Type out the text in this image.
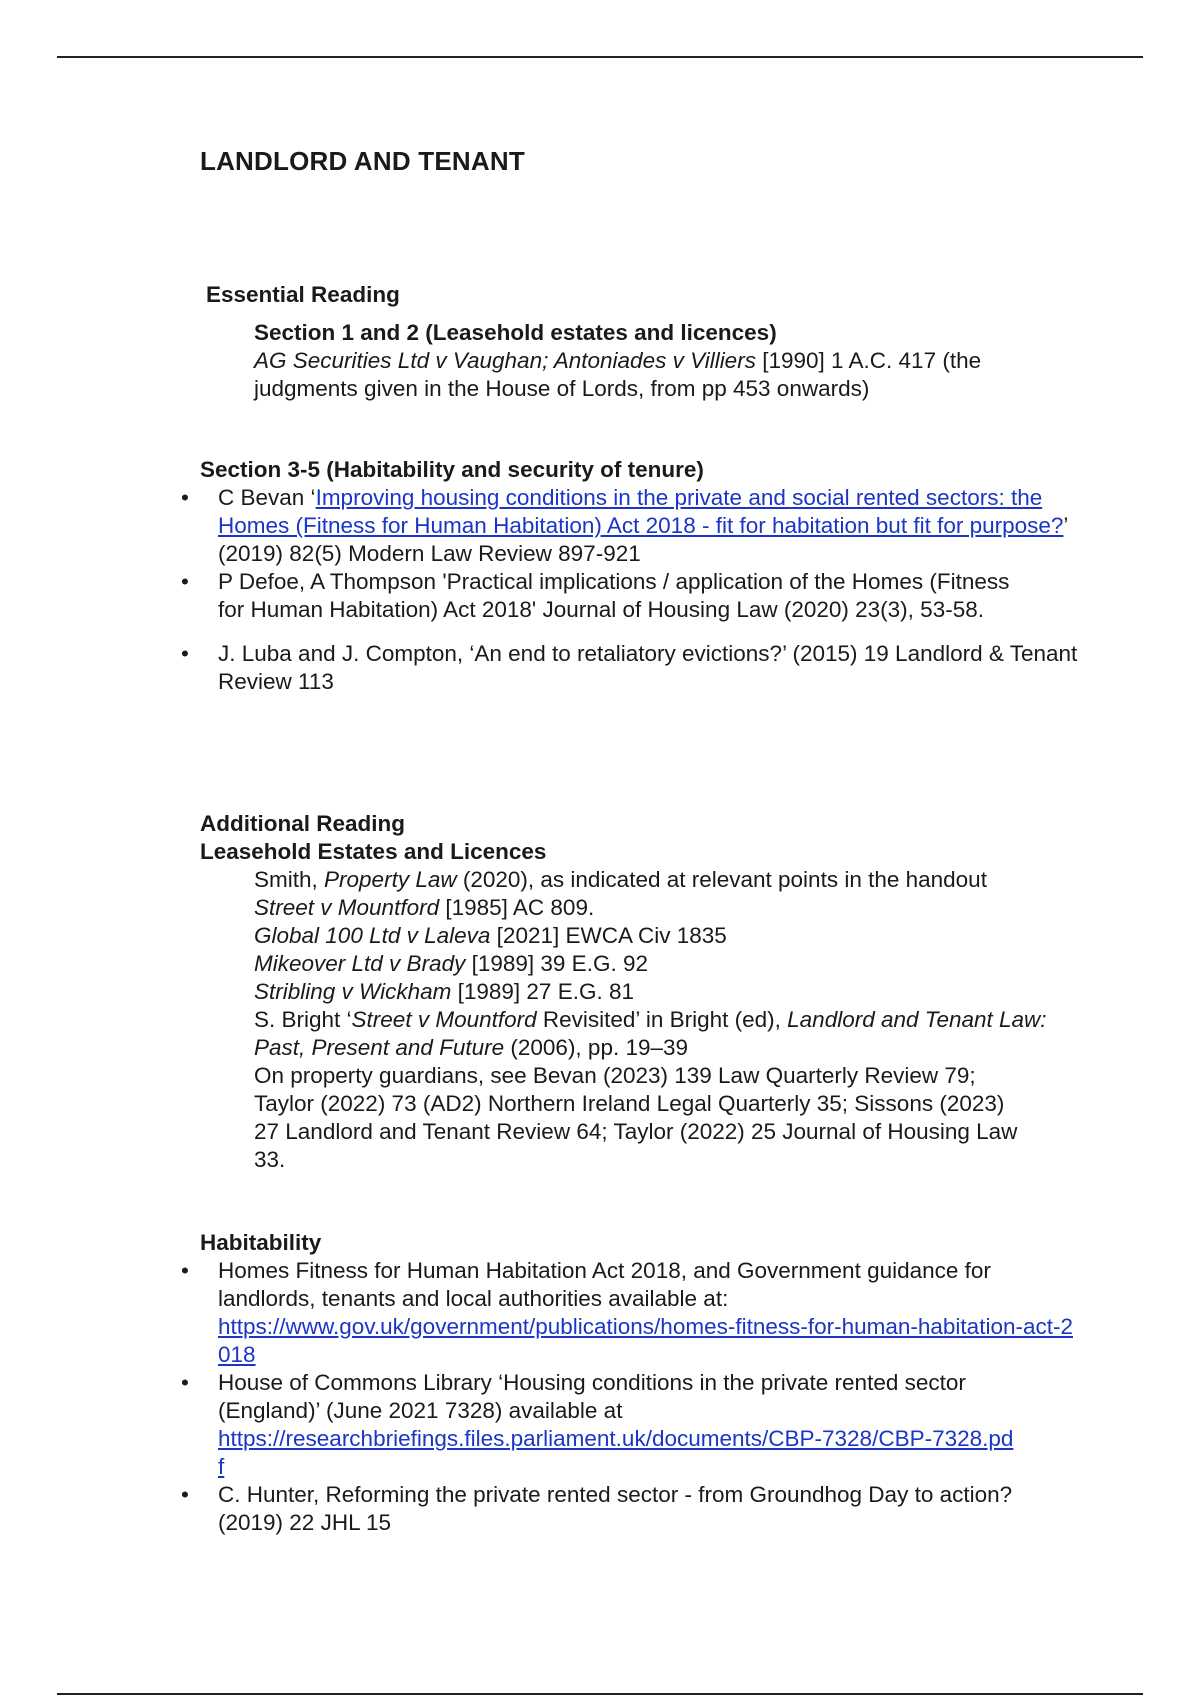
LANDLORD AND TENANT
Essential Reading
Section 1 and 2 (Leasehold estates and licences)

AG Securities Ltd v Vaughan; Antoniades v Villiers [1990] 1 A.C. 417 (the judgments given in the House of Lords, from pp 453 onwards)

Section 3-5 (Habitability and security of tenure)
•	C Bevan ‘Improving housing conditions in the private and social rented sectors: the Homes (Fitness for Human Habitation) Act 2018 - fit for habitation but fit for purpose?’ (2019) 82(5) Modern Law Review 897-921
•	P Defoe, A Thompson 'Practical implications / application of the Homes (Fitness for Human Habitation) Act 2018' Journal of Housing Law (2020) 23(3), 53-58.
•	J. Luba and J. Compton, ‘An end to retaliatory evictions?’ (2015) 19 Landlord & Tenant Review 113
Additional Reading
Leasehold Estates and Licences
Smith, Property Law (2020), as indicated at relevant points in the handout
Street v Mountford [1985] AC 809.
Global 100 Ltd v Laleva [2021] EWCA Civ 1835
Mikeover Ltd v Brady [1989] 39 E.G. 92
Stribling v Wickham [1989] 27 E.G. 81
S. Bright ‘Street v Mountford Revisited’ in Bright (ed), Landlord and Tenant Law: Past, Present and Future (2006), pp. 19–39
On property guardians, see Bevan (2023) 139 Law Quarterly Review 79; Taylor (2022) 73 (AD2) Northern Ireland Legal Quarterly 35; Sissons (2023) 27 Landlord and Tenant Review 64; Taylor (2022) 25 Journal of Housing Law 33.
Habitability
•	Homes Fitness for Human Habitation Act 2018, and Government guidance for landlords, tenants and local authorities available at:
https://www.gov.uk/government/publications/homes-fitness-for-human-habitation-act-2018
•	House of Commons Library ‘Housing conditions in the private rented sector (England)’ (June 2021 7328) available at
https://researchbriefings.files.parliament.uk/documents/CBP-7328/CBP-7328.pdf
•	C. Hunter, Reforming the private rented sector - from Groundhog Day to action? (2019) 22 JHL 15
